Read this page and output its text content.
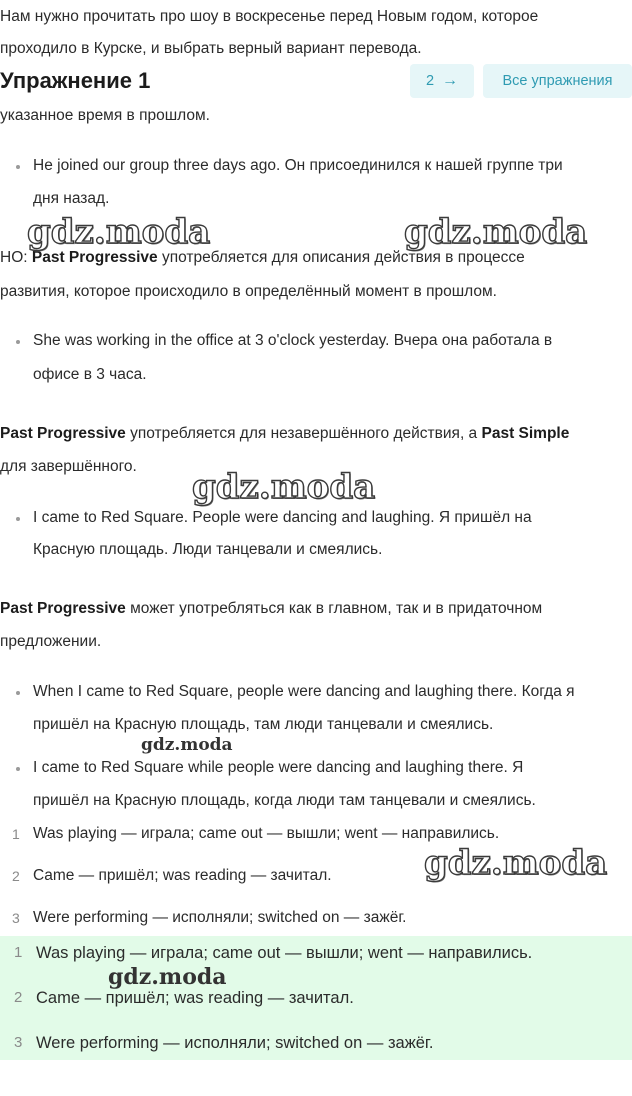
Нам нужно прочитать про шоу в воскресенье перед Новым годом, которое
проходило в Курске, и выбрать верный вариант перевода.
Упражнение 1	2 →	Все упражнения
указанное время в прошлом.
He joined our group three days ago. Он присоединился к нашей группе три
дня назад.
НО: Past Progressive употребляется для описания действия в процессе
развития, которое происходило в определённый момент в прошлом.
She was working in the office at 3 o'clock yesterday. Вчера она работала в
офисе в 3 часа.
Past Progressive употребляется для незавершённого действия, а Past Simple
для завершённого.
I came to Red Square. People were dancing and laughing. Я пришёл на
Красную площадь. Люди танцевали и смеялись.
Past Progressive может употребляться как в главном, так и в придаточном
предложении.
When I came to Red Square, people were dancing and laughing there. Когда я
пришёл на Красную площадь, там люди танцевали и смеялись.
I came to Red Square while people were dancing and laughing there. Я
пришёл на Красную площадь, когда люди там танцевали и смеялись.
1 Was playing — играла; came out — вышли; went — направились.
2 Came — пришёл; was reading — зачитал.
3 Were performing — исполняли; switched on — зажёг.
1 Was playing — играла; came out — вышли; went — направились.
2 Came — пришёл; was reading — зачитал.
3 Were performing — исполняли; switched on — зажёг.
gdz.moda	gdz.moda
gdz.moda
gdz.moda
gdz.moda
gdz.moda
